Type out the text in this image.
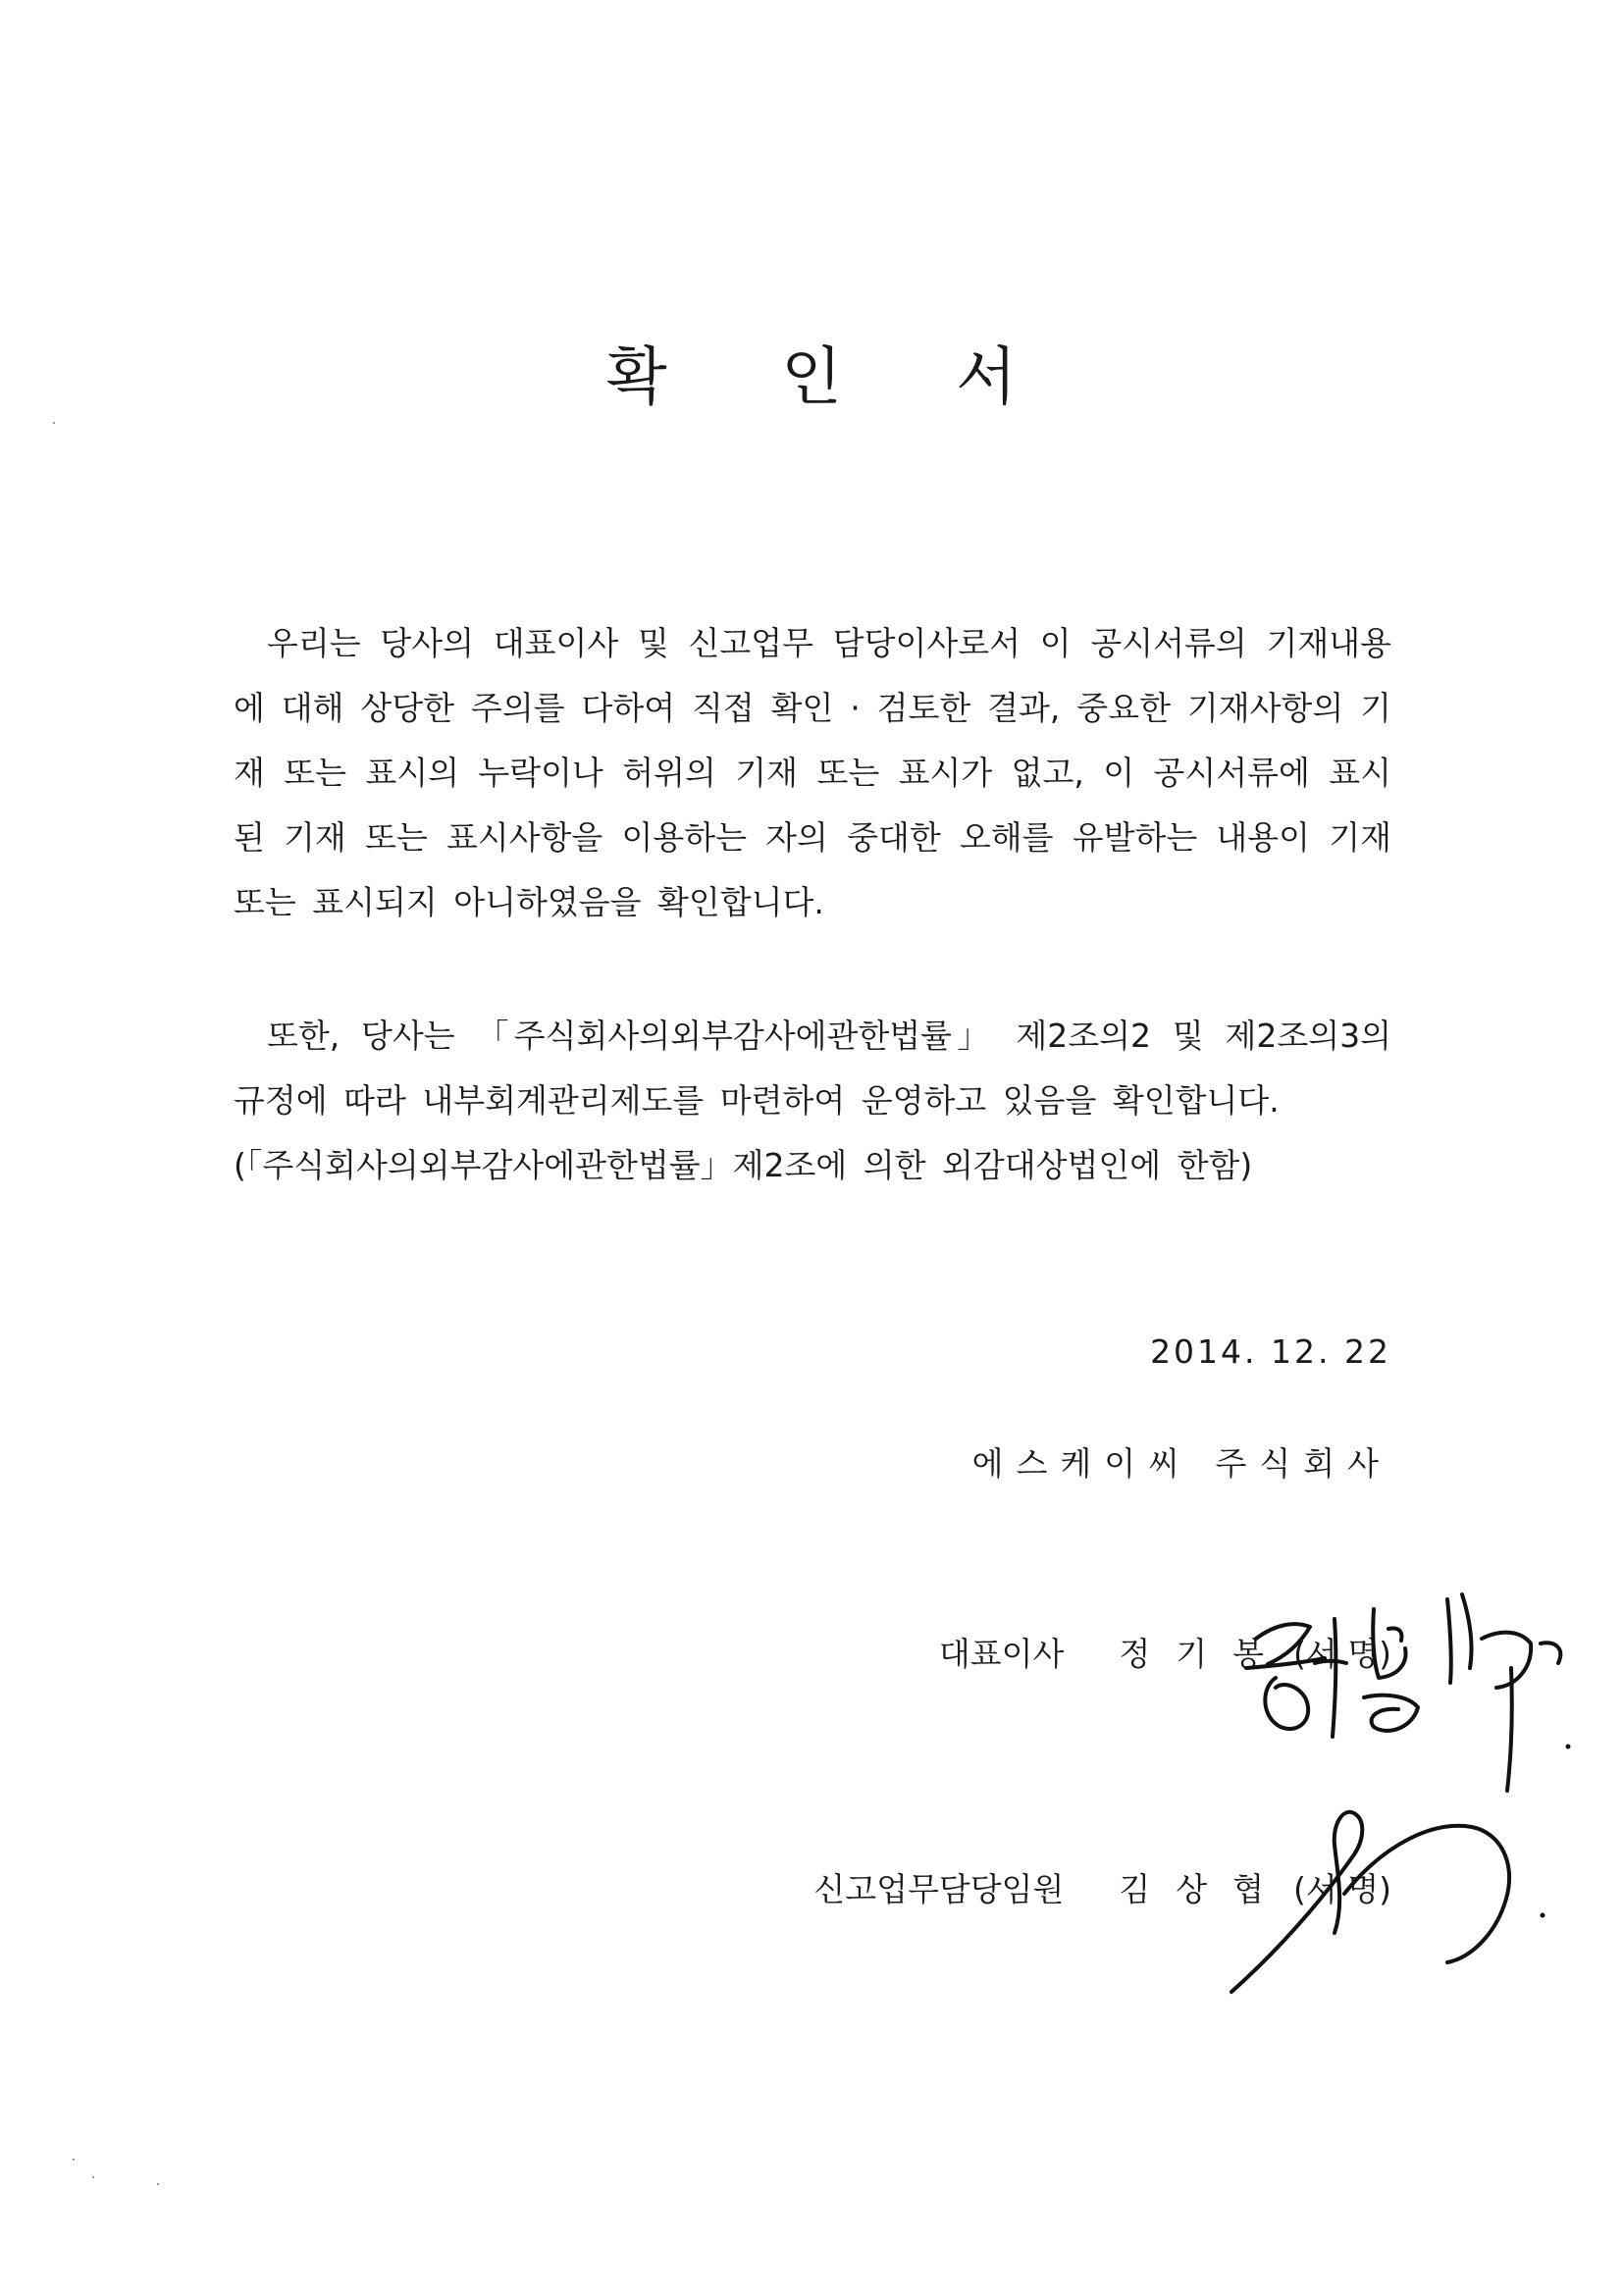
확 인 서

우리는 당사의 대표이사 및 신고업무 담당이사로서 이 공시서류의 기재내용에 대해 상당한 주의를 다하여 직접 확인 · 검토한 결과, 중요한 기재사항의 기재 또는 표시의 누락이나 허위의 기재 또는 표시가 없고, 이 공시서류에 표시된 기재 또는 표시사항을 이용하는 자의 중대한 오해를 유발하는 내용이 기재 또는 표시되지 아니하였음을 확인합니다.

또한, 당사는 「주식회사의외부감사에관한법률」 제2조의2 및 제2조의3의 규정에 따라 내부회계관리제도를 마련하여 운영하고 있음을 확인합니다.
(「주식회사의외부감사에관한법률」제2조에 의한 외감대상법인에 한함)

2014. 12. 22
에스케이씨 주식회사
대표이사 정기봉 (서 명)
신고업무담당임원 김상협 (서 명)
